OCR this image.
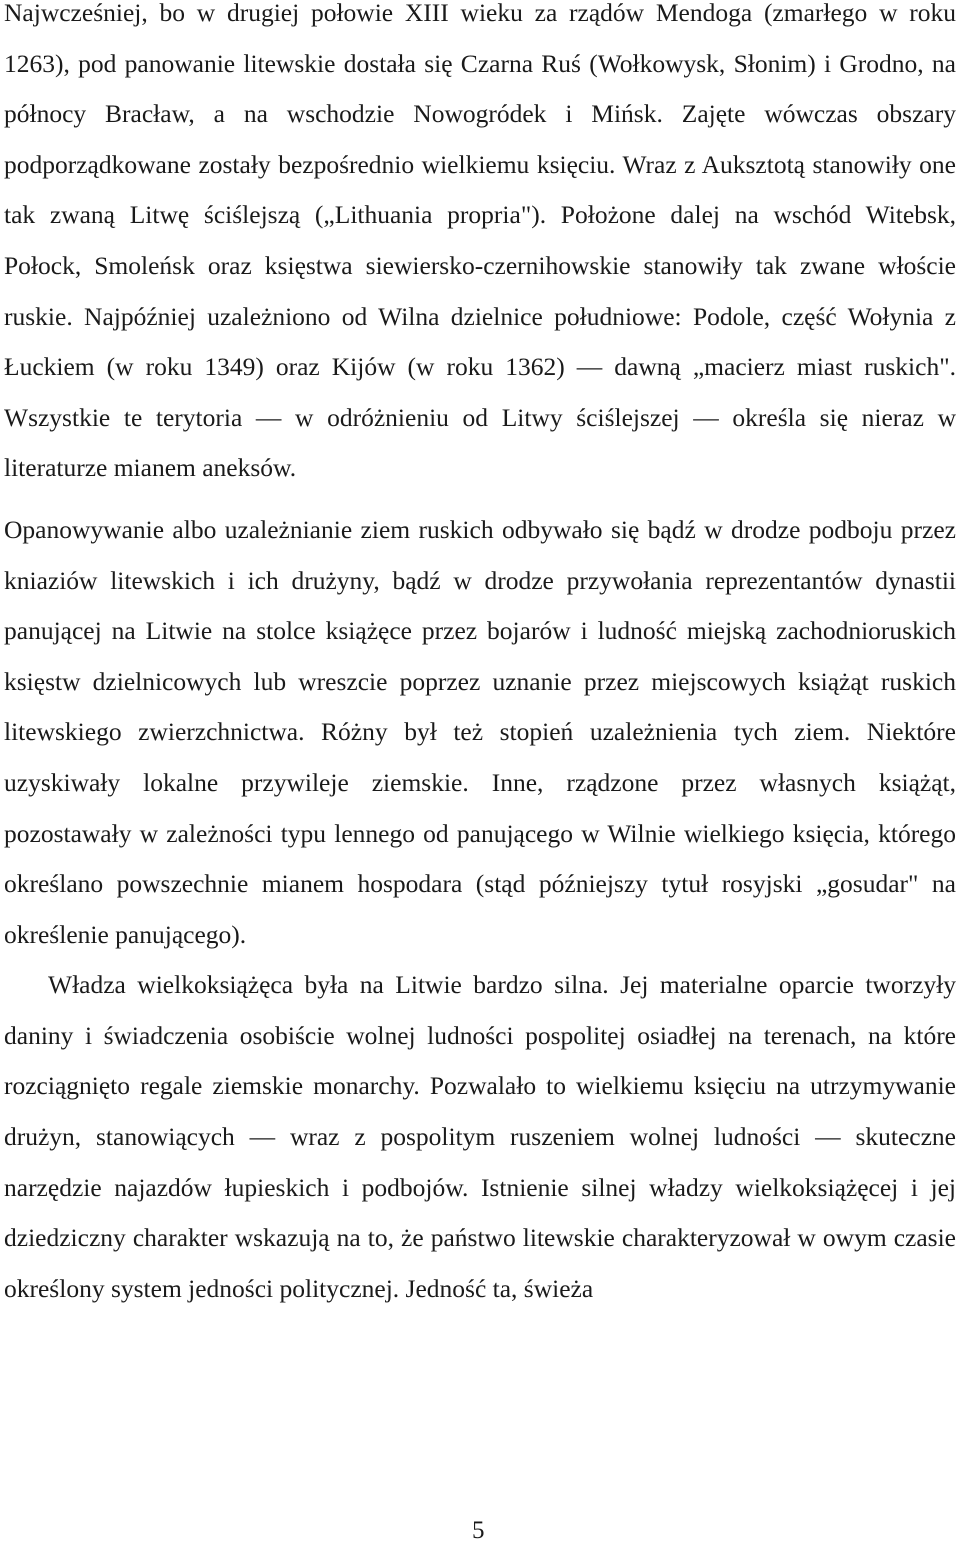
Najwcześniej, bo w drugiej połowie XIII wieku za rządów Mendoga (zmarłego w roku 1263), pod panowanie litewskie dostała się Czarna Ruś (Wołkowysk, Słonim) i Grodno, na północy Bracław, a na wschodzie Nowogródek i Mińsk. Zajęte wówczas obszary podporządkowane zostały bezpośrednio wielkiemu księciu. Wraz z Auksztotą stanowiły one tak zwaną Litwę ściślejszą („Lithuania propria"). Położone dalej na wschód Witebsk, Połock, Smoleńsk oraz księstwa siewiersko-czernihowskie stanowiły tak zwane włoście ruskie. Najpóźniej uzależniono od Wilna dzielnice południowe: Podole, część Wołynia z Łuckiem (w roku 1349) oraz Kijów (w roku 1362) — dawną „macierz miast ruskich". Wszystkie te terytoria — w odróżnieniu od Litwy ściślejszej — określa się nieraz w literaturze mianem aneksów.

Opanowywanie albo uzależnianie ziem ruskich odbywało się bądź w drodze podboju przez kniaziów litewskich i ich drużyny, bądź w drodze przywołania reprezentantów dynastii panującej na Litwie na stolce książęce przez bojarów i ludność miejską zachodnioruskich księstw dzielnicowych lub wreszcie poprzez uznanie przez miejscowych książąt ruskich litewskiego zwierzchnictwa. Różny był też stopień uzależnienia tych ziem. Niektóre uzyskiwały lokalne przywileje ziemskie. Inne, rządzone przez własnych książąt, pozostawały w zależności typu lennego od panującego w Wilnie wielkiego księcia, którego określano powszechnie mianem hospodara (stąd późniejszy tytuł rosyjski „gosudar" na określenie panującego).

Władza wielkoksiążęca była na Litwie bardzo silna. Jej materialne oparcie tworzyły daniny i świadczenia osobiście wolnej ludności pospolitej osiadłej na terenach, na które rozciągnięto regale ziemskie monarchy. Pozwalało to wielkiemu księciu na utrzymywanie drużyn, stanowiących — wraz z pospolitym ruszeniem wolnej ludności — skuteczne narzędzie najazdów łupieskich i podbojów. Istnienie silnej władzy wielkoksiążęcej i jej dziedziczny charakter wskazują na to, że państwo litewskie charakteryzował w owym czasie określony system jedności politycznej. Jedność ta, świeża

5
